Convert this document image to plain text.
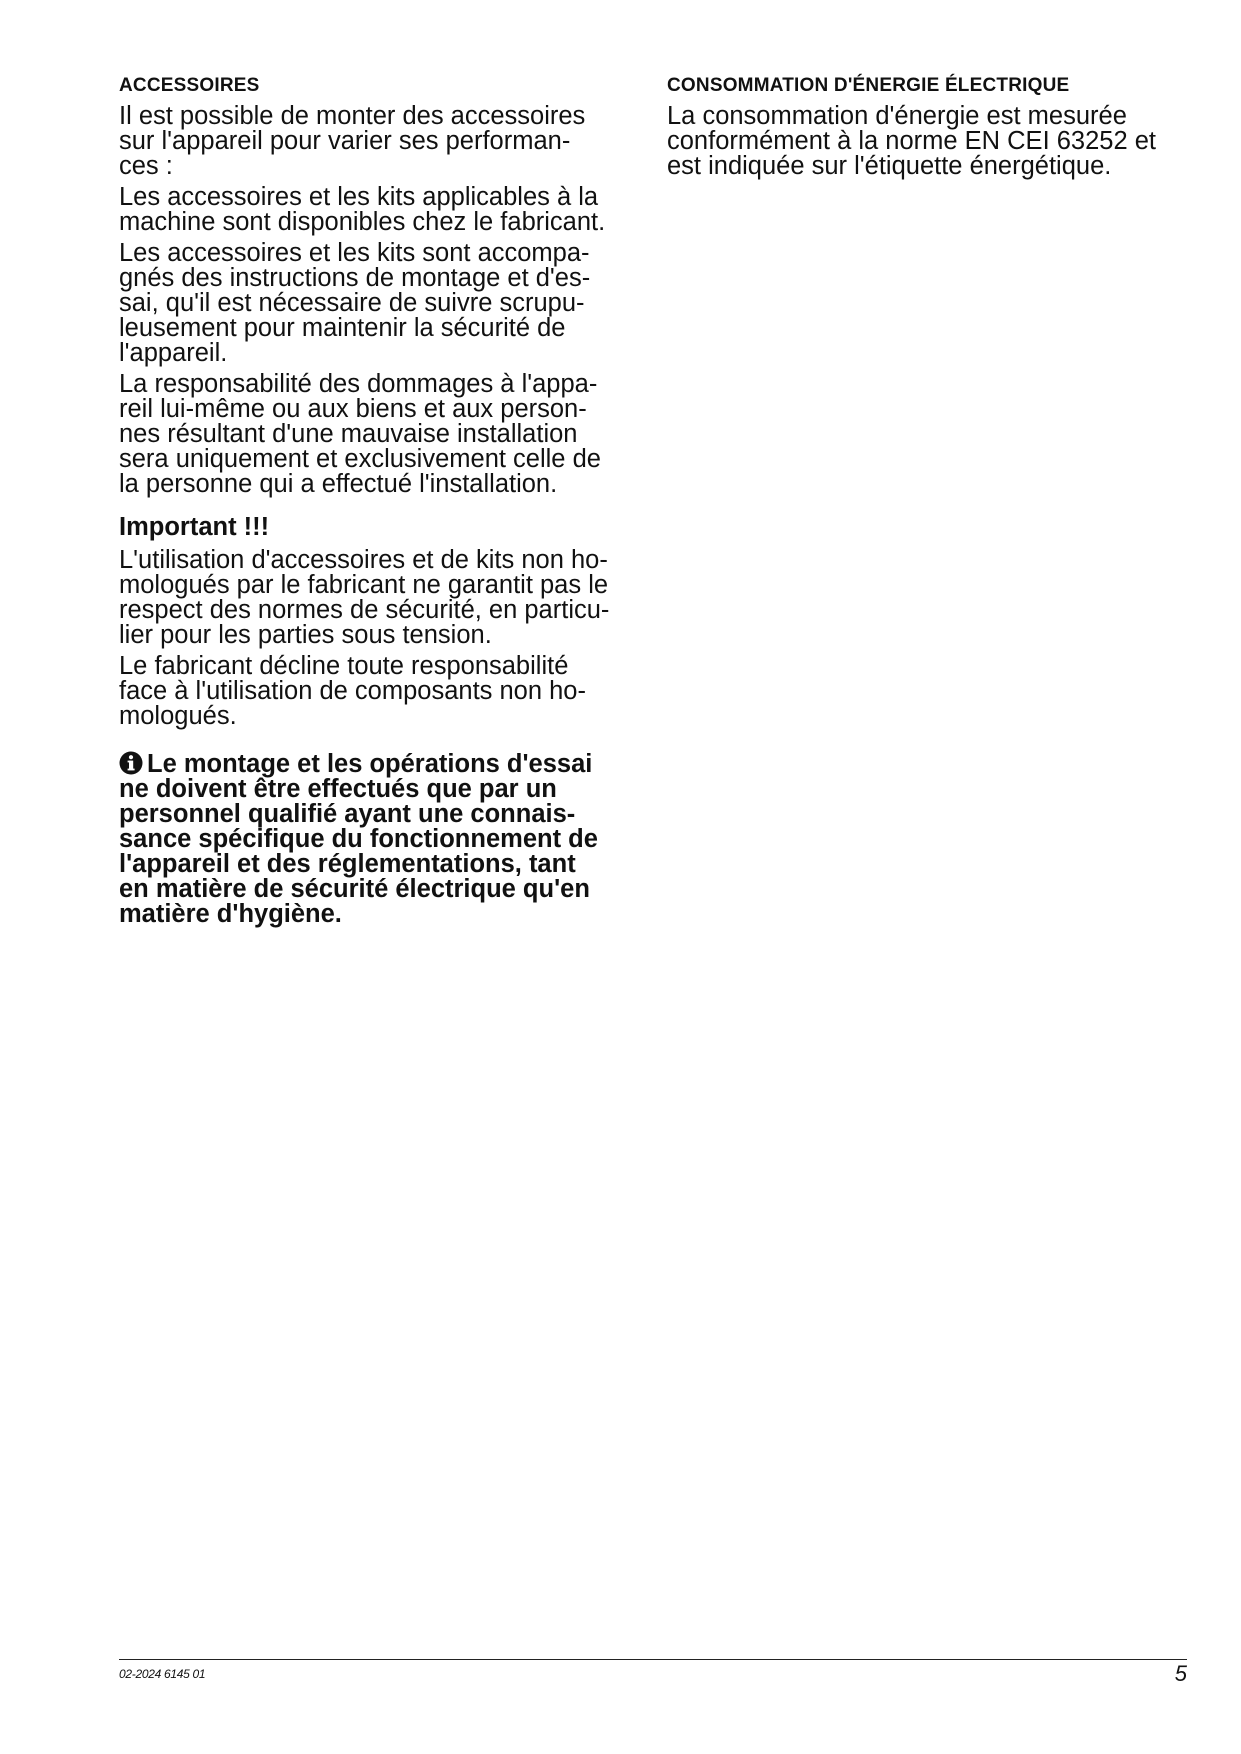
ACCESSOIRES

Il est possible de monter des accessoires
sur l'appareil pour varier ses performan-
ces :

Les accessoires et les kits applicables à la
machine sont disponibles chez le fabricant.

Les accessoires et les kits sont accompa-
gnés des instructions de montage et d'es-
sai, qu'il est nécessaire de suivre scrupu-
leusement pour maintenir la sécurité de
l'appareil.

La responsabilité des dommages à l'appa-
reil lui-même ou aux biens et aux person-
nes résultant d'une mauvaise installation
sera uniquement et exclusivement celle de
la personne qui a effectué l'installation.

Important !!!

L'utilisation d'accessoires et de kits non ho-
mologués par le fabricant ne garantit pas le
respect des normes de sécurité, en particu-
lier pour les parties sous tension.

Le fabricant décline toute responsabilité
face à l'utilisation de composants non ho-
mologués.

Le montage et les opérations d'essai
ne doivent être effectués que par un
personnel qualifié ayant une connais-
sance spécifique du fonctionnement de
l'appareil et des réglementations, tant
en matière de sécurité électrique qu'en
matière d'hygiène.
CONSOMMATION D'ÉNERGIE ÉLECTRIQUE

La consommation d'énergie est mesurée
conformément à la norme EN CEI 63252 et
est indiquée sur l'étiquette énergétique.

02-2024 6145 01	5
